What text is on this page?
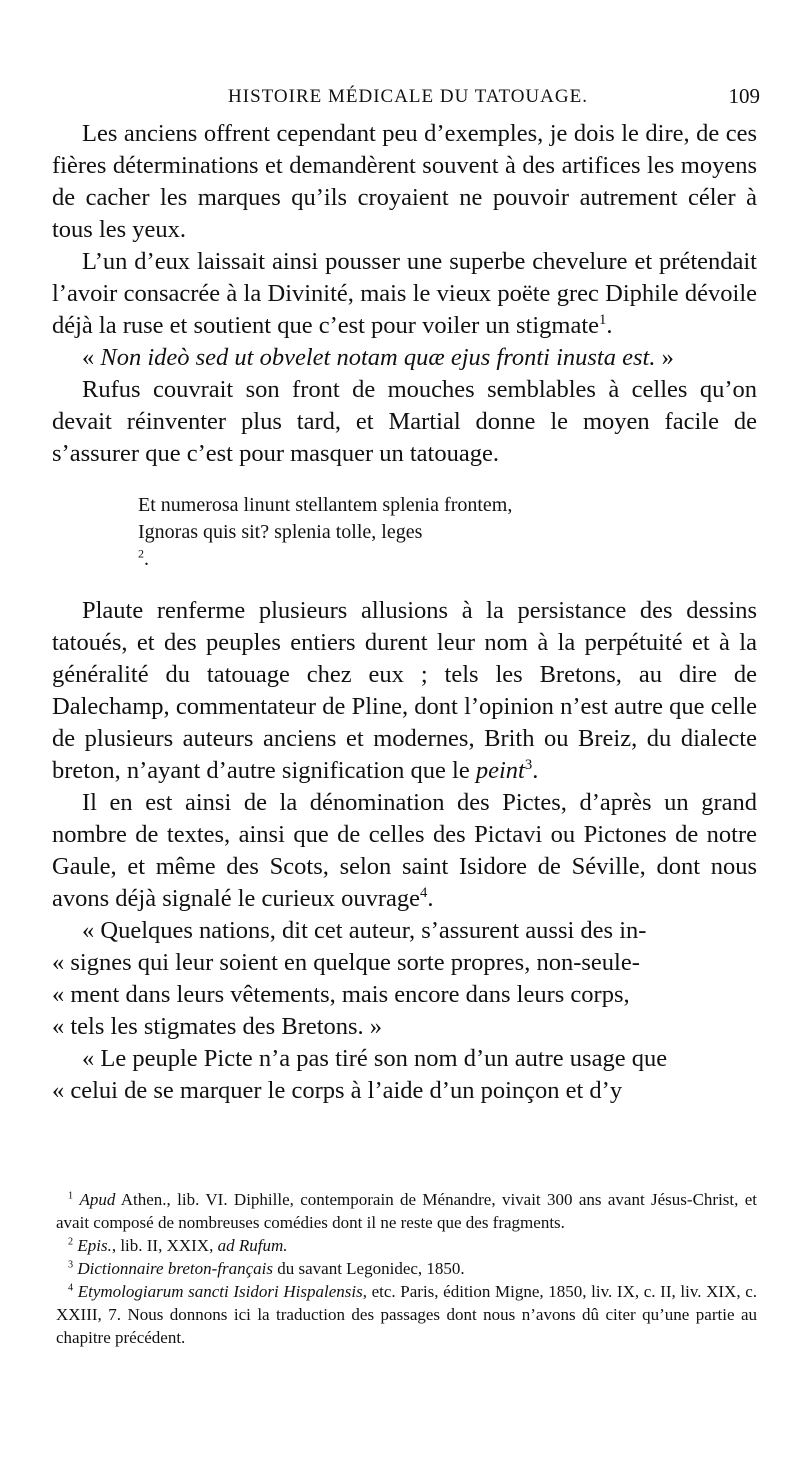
HISTOIRE MÉDICALE DU TATOUAGE.	109

Les anciens offrent cependant peu d’exemples, je dois le dire, de ces fières déterminations et demandèrent souvent à des artifices les moyens de cacher les marques qu’ils croyaient ne pouvoir autrement céler à tous les yeux.

L’un d’eux laissait ainsi pousser une superbe chevelure et prétendait l’avoir consacrée à la Divinité, mais le vieux poëte grec Diphile dévoile déjà la ruse et soutient que c’est pour voiler un stigmate$^1$.

« Non ideò sed ut obvelet notam quæ ejus fronti inusta est. »

Rufus couvrait son front de mouches semblables à celles qu’on devait réinventer plus tard, et Martial donne le moyen facile de s’assurer que c’est pour masquer un tatouage.

Et numerosa linunt stellantem splenia frontem,
Ignoras quis sit? splenia tolle, leges
$^2$.

Plaute renferme plusieurs allusions à la persistance des dessins tatoués, et des peuples entiers durent leur nom à la perpétuité et à la généralité du tatouage chez eux ; tels les Bretons, au dire de Dalechamp, commentateur de Pline, dont l’opinion n’est autre que celle de plusieurs auteurs anciens et modernes, Brith ou Breiz, du dialecte breton, n’ayant d’autre signification que le peint$^3$.

Il en est ainsi de la dénomination des Pictes, d’après un grand nombre de textes, ainsi que de celles des Pictavi ou Pictones de notre Gaule, et même des Scots, selon saint Isidore de Séville, dont nous avons déjà signalé le curieux ouvrage$^4$.

« Quelques nations, dit cet auteur, s’assurent aussi des in-
« signes qui leur soient en quelque sorte propres, non-seule-
« ment dans leurs vêtements, mais encore dans leurs corps,
« tels les stigmates des Bretons. »

« Le peuple Picte n’a pas tiré son nom d’un autre usage que
« celui de se marquer le corps à l’aide d’un poinçon et d’y

$^1$ Apud Athen., lib. VI. Diphille, contemporain de Ménandre, vivait 300 ans avant Jésus-Christ, et avait composé de nombreuses comédies dont il ne reste que des fragments.

$^2$ Epis., lib. II, XXIX, ad Rufum.

$^3$ Dictionnaire breton-français du savant Legonidec, 1850.

$^4$ Etymologiarum sancti Isidori Hispalensis, etc. Paris, édition Migne, 1850, liv. IX, c. II, liv. XIX, c. XXIII, 7. Nous donnons ici la traduction des passages dont nous n’avons dû citer qu’une partie au chapitre précédent.
